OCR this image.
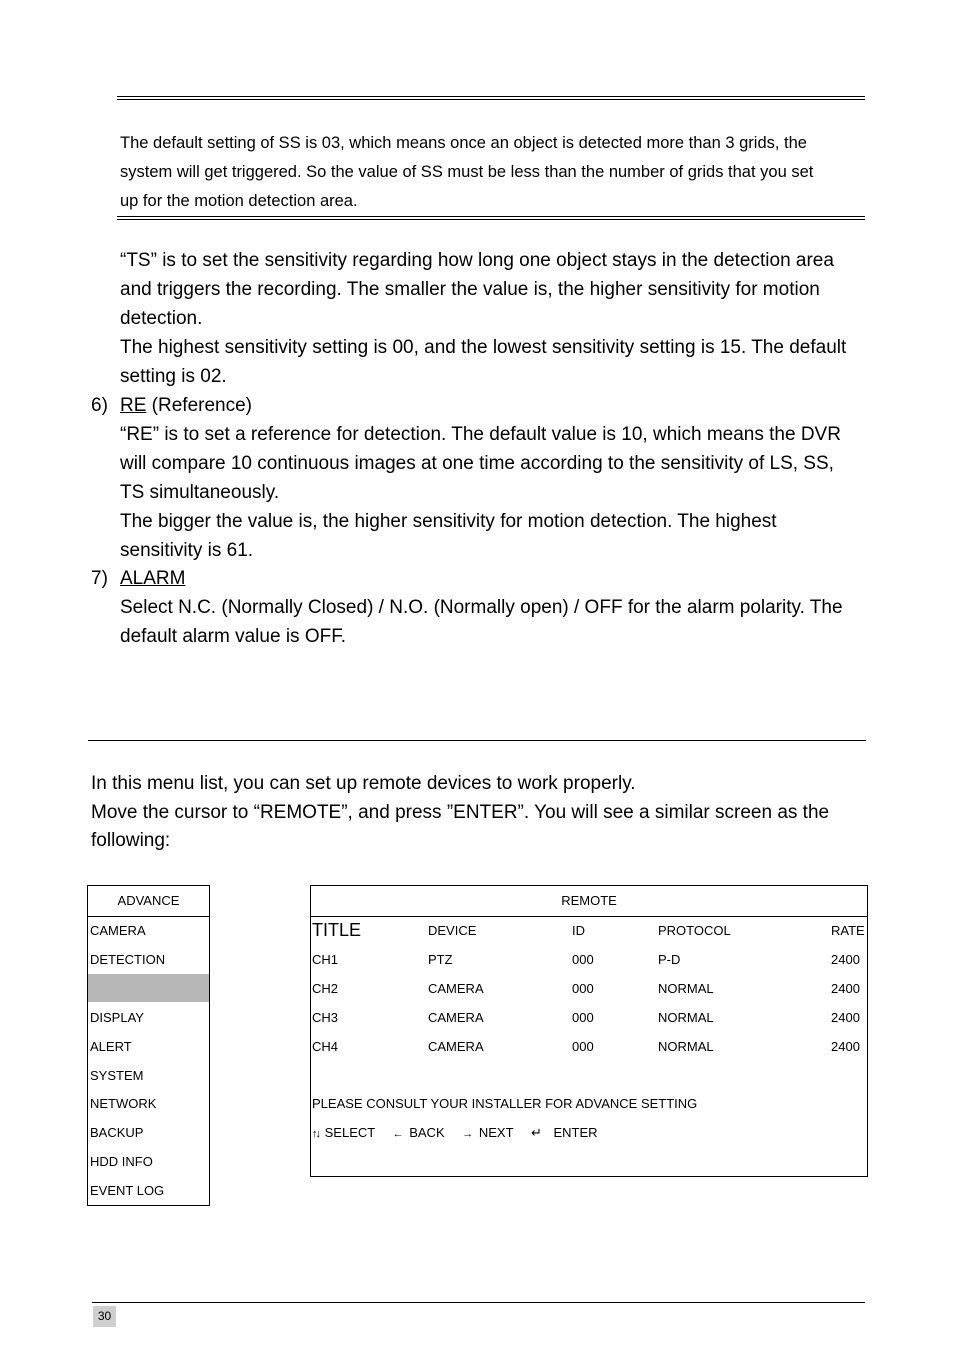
The default setting of SS is 03, which means once an object is detected more than 3 grids, the
system will get triggered. So the value of SS must be less than the number of grids that you set
up for the motion detection area.
“TS” is to set the sensitivity regarding how long one object stays in the detection area
and triggers the recording. The smaller the value is, the higher sensitivity for motion
detection.
The highest sensitivity setting is 00, and the lowest sensitivity setting is 15. The default
setting is 02.
6) RE (Reference)
“RE” is to set a reference for detection. The default value is 10, which means the DVR
will compare 10 continuous images at one time according to the sensitivity of LS, SS,
TS simultaneously.
The bigger the value is, the higher sensitivity for motion detection. The highest
sensitivity is 61.
7) ALARM
Select N.C. (Normally Closed) / N.O. (Normally open) / OFF for the alarm polarity. The
default alarm value is OFF.
In this menu list, you can set up remote devices to work properly.
Move the cursor to “REMOTE”, and press ”ENTER”. You will see a similar screen as the
following:
ADVANCE
CAMERA
DETECTION
DISPLAY
ALERT
SYSTEM
NETWORK
BACKUP
HDD INFO
EVENT LOG
REMOTE
TITLE	DEVICE	ID	PROTOCOL	RATE
CH1	PTZ	000	P-D	2400
CH2	CAMERA	000	NORMAL	2400
CH3	CAMERA	000	NORMAL	2400
CH4	CAMERA	000	NORMAL	2400
PLEASE CONSULT YOUR INSTALLER FOR ADVANCE SETTING
↑↓ SELECT ← BACK → NEXT ↵ ENTER
30
